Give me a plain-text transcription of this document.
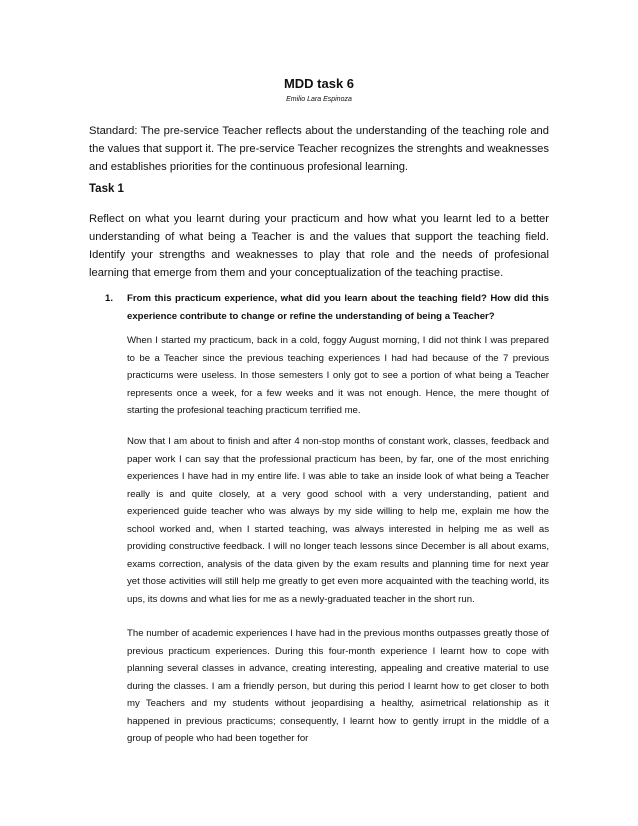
MDD task 6

Emilio Lara Espinoza

Standard: The pre-service Teacher reflects about the understanding of the teaching role and the values that support it. The pre-service Teacher recognizes the strenghts and weaknesses and establishes priorities for the continuous profesional learning.

Task 1

Reflect on what you learnt during your practicum and how what you learnt led to a better understanding of what being a Teacher is and the values that support the teaching field. Identify your strengths and weaknesses to play that role and the needs of profesional learning that emerge from them and your conceptualization of the teaching practise.

1. From this practicum experience, what did you learn about the teaching field? How did this experience contribute to change or refine the understanding of being a Teacher?

When I started my practicum, back in a cold, foggy August morning, I did not think I was prepared to be a Teacher since the previous teaching experiences I had had because of the 7 previous practicums were useless. In those semesters I only got to see a portion of what being a Teacher represents once a week, for a few weeks and it was not enough. Hence, the mere thought of starting the profesional teaching practicum terrified me.

Now that I am about to finish and after 4 non-stop months of constant work, classes, feedback and paper work I can say that the professional practicum has been, by far, one of the most enriching experiences I have had in my entire life. I was able to take an inside look of what being a Teacher really is and quite closely, at a very good school with a very understanding, patient and experienced guide teacher who was always by my side willing to help me, explain me how the school worked and, when I started teaching, was always interested in helping me as well as providing constructive feedback. I will no longer teach lessons since December is all about exams, exams correction, analysis of the data given by the exam results and planning time for next year yet those activities will still help me greatly to get even more acquainted with the teaching world, its ups, its downs and what lies for me as a newly-graduated teacher in the short run.

The number of academic experiences I have had in the previous months outpasses greatly those of previous practicum experiences. During this four-month experience I learnt how to cope with planning several classes in advance, creating interesting, appealing and creative material to use during the classes. I am a friendly person, but during this period I learnt how to get closer to both my Teachers and my students without jeopardising a healthy, asimetrical relationship as it happened in previous practicums; consequently, I learnt how to gently irrupt in the middle of a group of people who had been together for
